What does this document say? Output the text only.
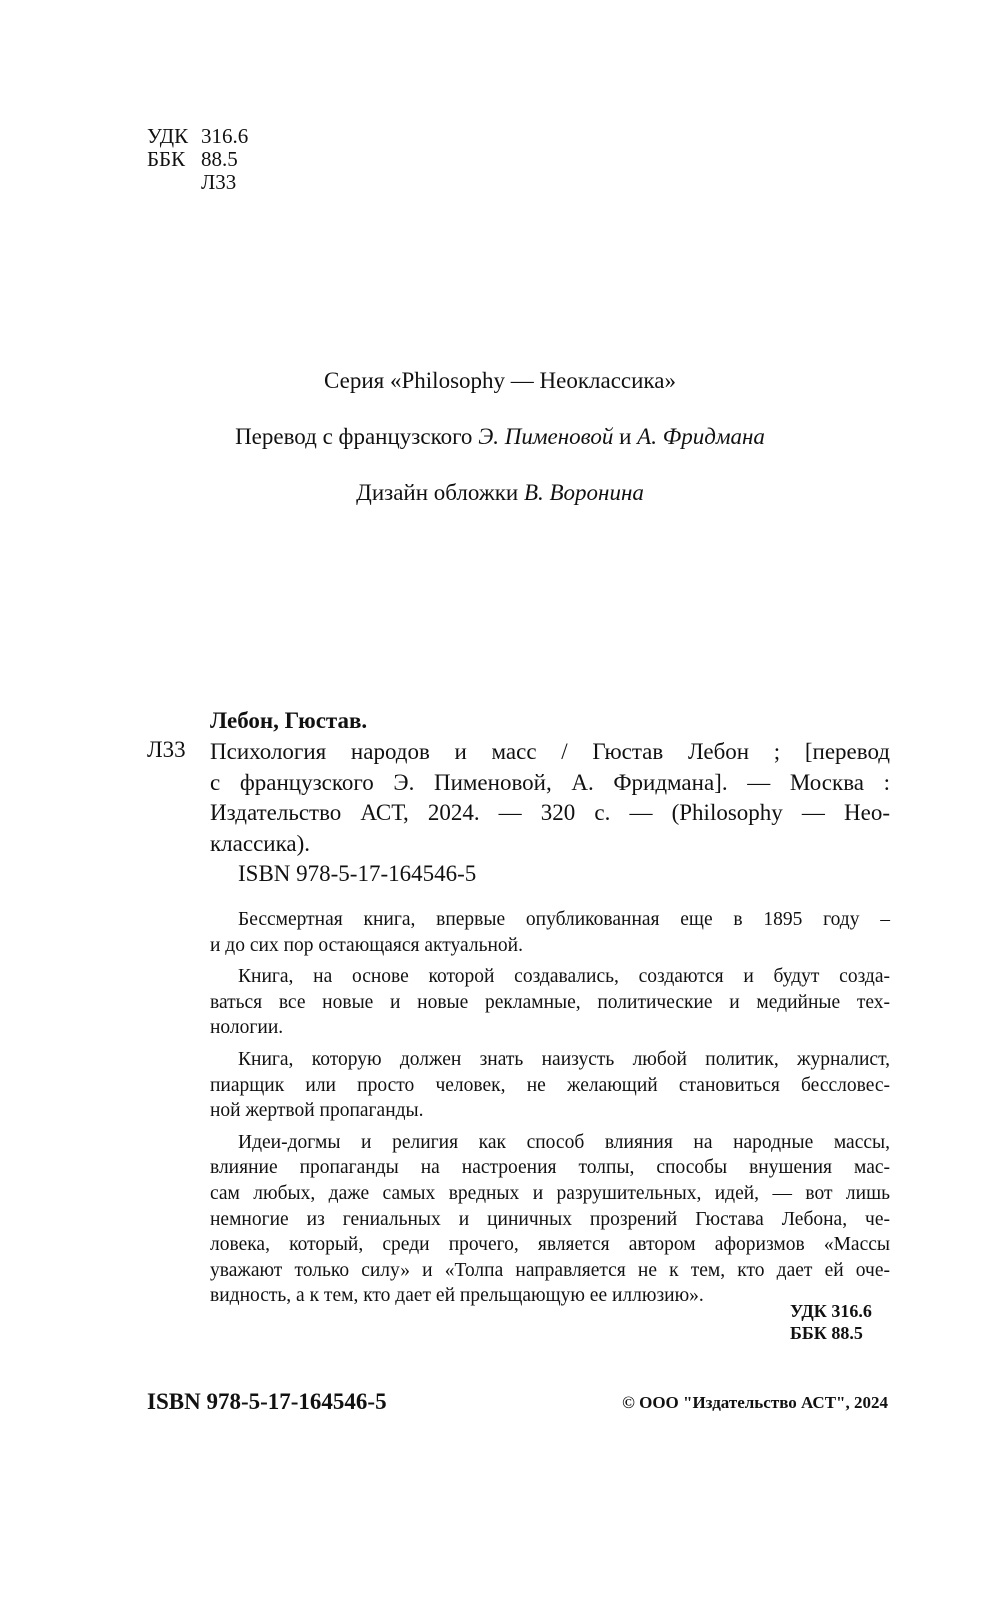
УДК 316.6
ББК 88.5
Л33
Серия «Philosophy — Неоклассика»
Перевод с французского Э. Пименовой и А. Фридмана
Дизайн обложки В. Воронина
Лебон, Гюстав.
Л33 Психология народов и масс / Гюстав Лебон ; [перевод
с французского Э. Пименовой, А. Фридмана]. — Москва :
Издательство АСТ, 2024. — 320 с. — (Philosophy — Нео-
классика).
ISBN 978-5-17-164546-5
Бессмертная книга, впервые опубликованная еще в 1895 году –
и до сих пор остающаяся актуальной.
Книга, на основе которой создавались, создаются и будут созда-
ваться все новые и новые рекламные, политические и медийные тех-
нологии.
Книга, которую должен знать наизусть любой политик, журналист,
пиарщик или просто человек, не желающий становиться бессловес-
ной жертвой пропаганды.
Идеи-догмы и религия как способ влияния на народные массы,
влияние пропаганды на настроения толпы, способы внушения мас-
сам любых, даже самых вредных и разрушительных, идей, — вот лишь
немногие из гениальных и циничных прозрений Гюстава Лебона, че-
ловека, который, среди прочего, является автором афоризмов «Массы
уважают только силу» и «Толпа направляется не к тем, кто дает ей оче-
видность, а к тем, кто дает ей прельщающую ее иллюзию».
УДК 316.6
ББК 88.5
ISBN 978-5-17-164546-5	© ООО "Издательство АСТ", 2024
